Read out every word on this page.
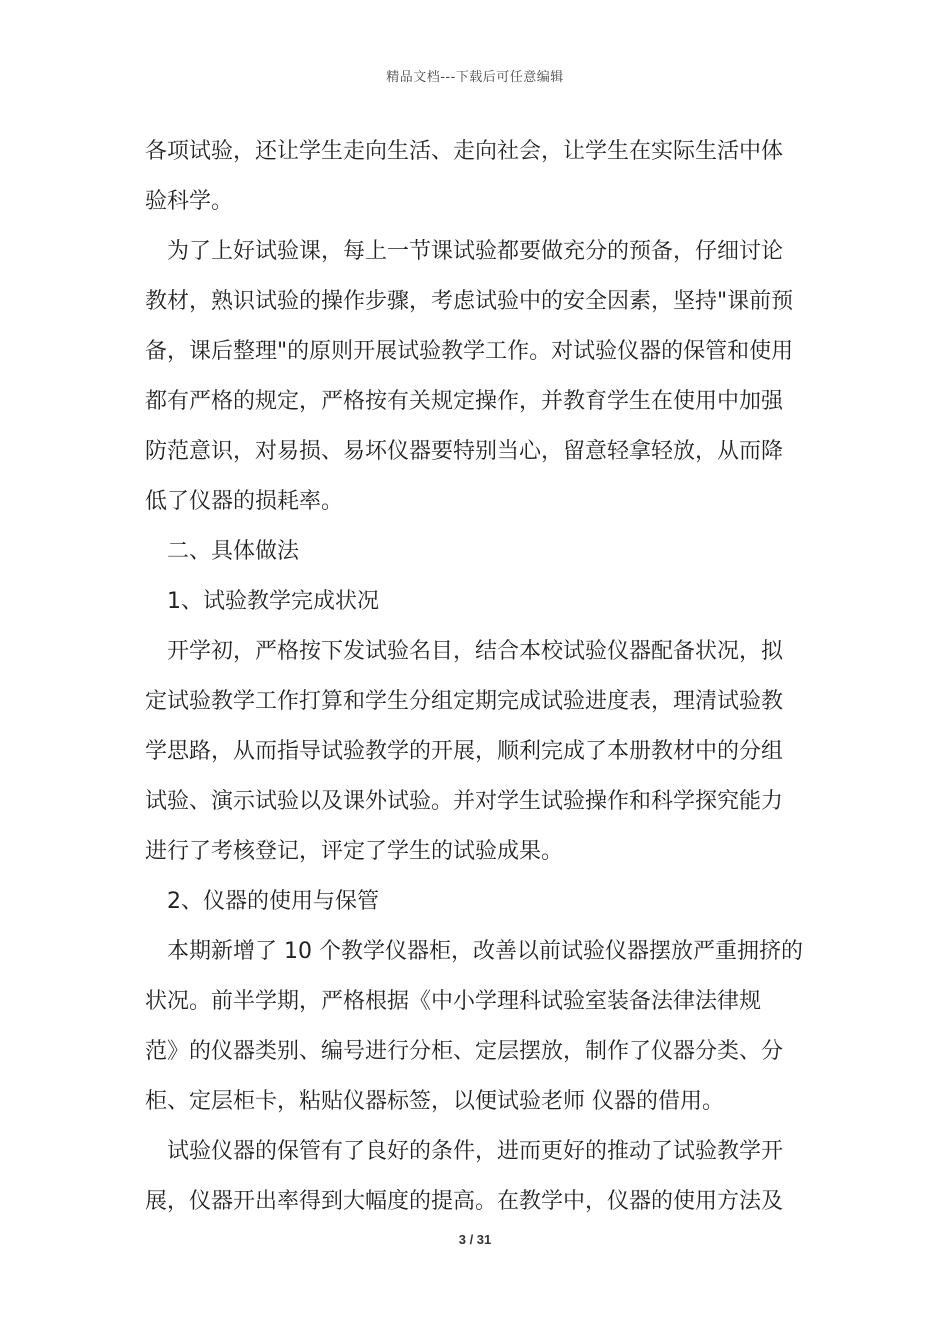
精品文档---下载后可任意编辑
各项试验，还让学生走向生活、走向社会，让学生在实际生活中体
验科学。
为了上好试验课，每上一节课试验都要做充分的预备，仔细讨论
教材，熟识试验的操作步骤，考虑试验中的安全因素，坚持"课前预
备，课后整理"的原则开展试验教学工作。对试验仪器的保管和使用
都有严格的规定，严格按有关规定操作，并教育学生在使用中加强
防范意识，对易损、易坏仪器要特别当心，留意轻拿轻放，从而降
低了仪器的损耗率。
二、具体做法
1、试验教学完成状况
开学初，严格按下发试验名目，结合本校试验仪器配备状况，拟
定试验教学工作打算和学生分组定期完成试验进度表，理清试验教
学思路，从而指导试验教学的开展，顺利完成了本册教材中的分组
试验、演示试验以及课外试验。并对学生试验操作和科学探究能力
进行了考核登记，评定了学生的试验成果。
2、仪器的使用与保管
本期新增了 10 个教学仪器柜，改善以前试验仪器摆放严重拥挤的
状况。前半学期，严格根据《中小学理科试验室装备法律法律规
范》的仪器类别、编号进行分柜、定层摆放，制作了仪器分类、分
柜、定层柜卡，粘贴仪器标签，以便试验老师 仪器的借用。
试验仪器的保管有了良好的条件，进而更好的推动了试验教学开
展，仪器开出率得到大幅度的提高。在教学中，仪器的使用方法及
3 / 31
